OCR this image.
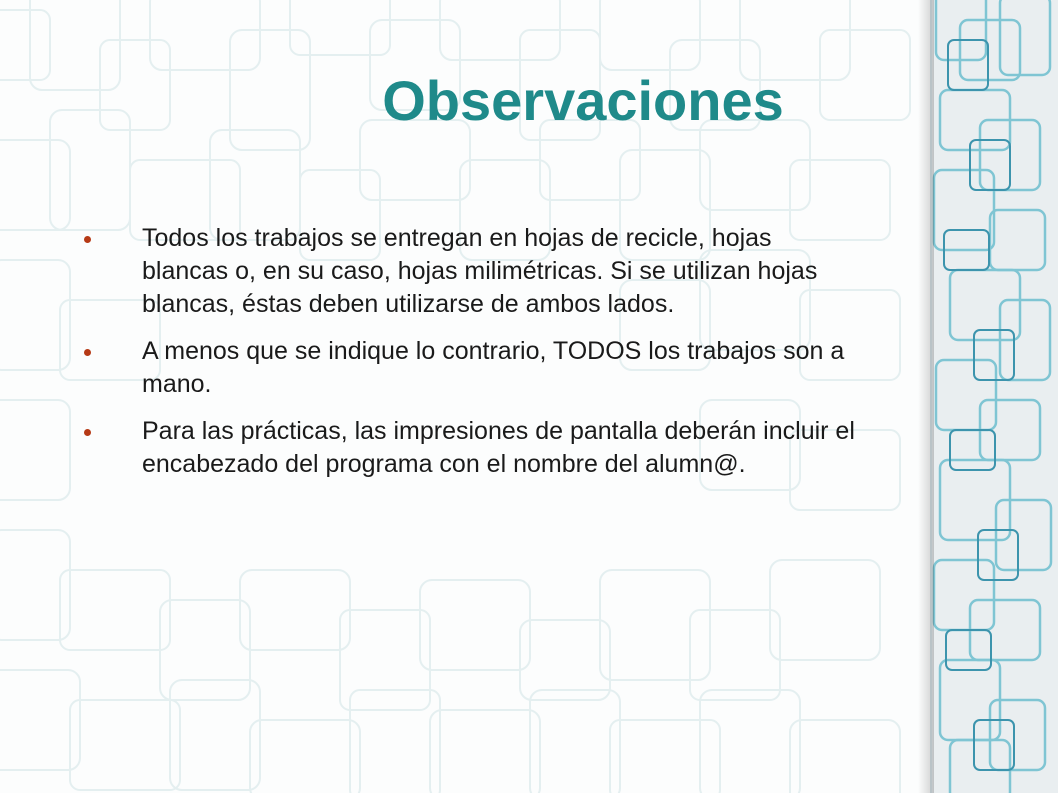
Observaciones
Todos los trabajos se entregan en hojas de recicle, hojas blancas o, en su caso, hojas milimétricas. Si se utilizan hojas blancas, éstas deben utilizarse de ambos lados.
A menos que se indique lo contrario, TODOS los trabajos son a mano.
Para las prácticas, las impresiones de pantalla deberán incluir el encabezado del programa con el nombre del alumn@.
